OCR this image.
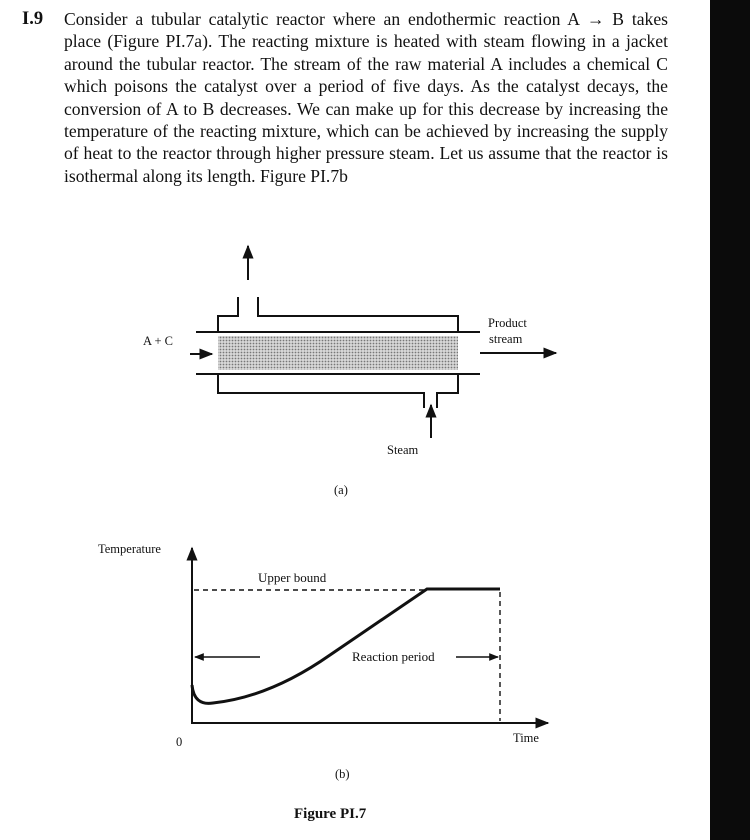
I.9 Consider a tubular catalytic reactor where an endothermic reaction A → B takes place (Figure PI.7a). The reacting mixture is heated with steam flowing in a jacket around the tubular reactor. The stream of the raw material A includes a chemical C which poisons the catalyst over a period of five days. As the catalyst decays, the conversion of A to B decreases. We can make up for this decrease by increasing the temperature of the reacting mixture, which can be achieved by increasing the supply of heat to the reactor through higher pressure steam. Let us assume that the reactor is isothermal along its length. Figure PI.7b
A + C
Product
stream
Steam
(a)
Temperature
Time
0
Upper bound
Reaction period
(b)
Figure PI.7
